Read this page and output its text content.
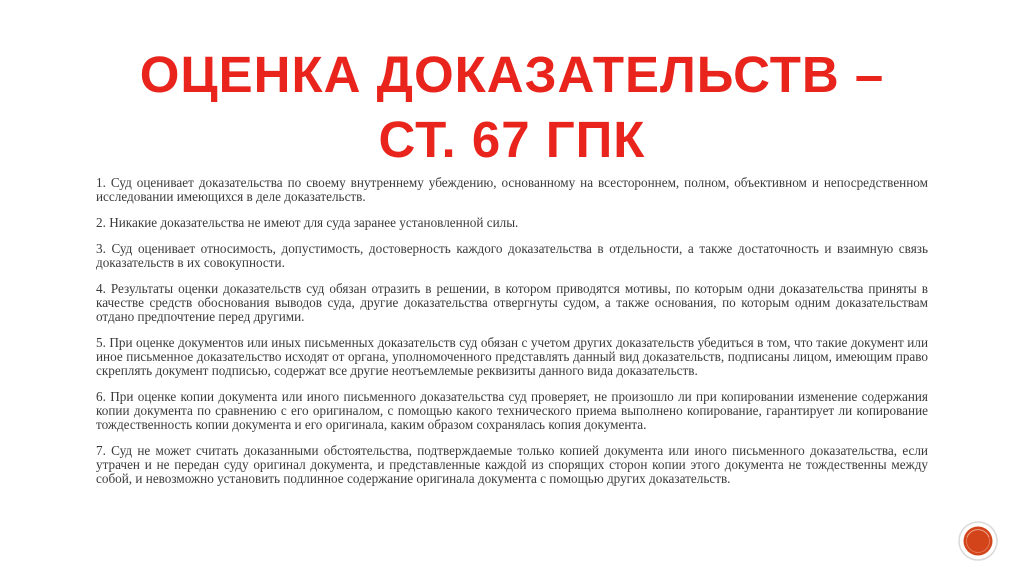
ОЦЕНКА ДОКАЗАТЕЛЬСТВ –
СТ. 67 ГПК

1. Суд оценивает доказательства по своему внутреннему убеждению, основанному на всестороннем, полном, объективном и непосредственном исследовании имеющихся в деле доказательств.

2. Никакие доказательства не имеют для суда заранее установленной силы.

3. Суд оценивает относимость, допустимость, достоверность каждого доказательства в отдельности, а также достаточность и взаимную связь доказательств в их совокупности.

4. Результаты оценки доказательств суд обязан отразить в решении, в котором приводятся мотивы, по которым одни доказательства приняты в качестве средств обоснования выводов суда, другие доказательства отвергнуты судом, а также основания, по которым одним доказательствам отдано предпочтение перед другими.

5. При оценке документов или иных письменных доказательств суд обязан с учетом других доказательств убедиться в том, что такие документ или иное письменное доказательство исходят от органа, уполномоченного представлять данный вид доказательств, подписаны лицом, имеющим право скреплять документ подписью, содержат все другие неотъемлемые реквизиты данного вида доказательств.

6. При оценке копии документа или иного письменного доказательства суд проверяет, не произошло ли при копировании изменение содержания копии документа по сравнению с его оригиналом, с помощью какого технического приема выполнено копирование, гарантирует ли копирование тождественность копии документа и его оригинала, каким образом сохранялась копия документа.

7. Суд не может считать доказанными обстоятельства, подтверждаемые только копией документа или иного письменного доказательства, если утрачен и не передан суду оригинал документа, и представленные каждой из спорящих сторон копии этого документа не тождественны между собой, и невозможно установить подлинное содержание оригинала документа с помощью других доказательств.
